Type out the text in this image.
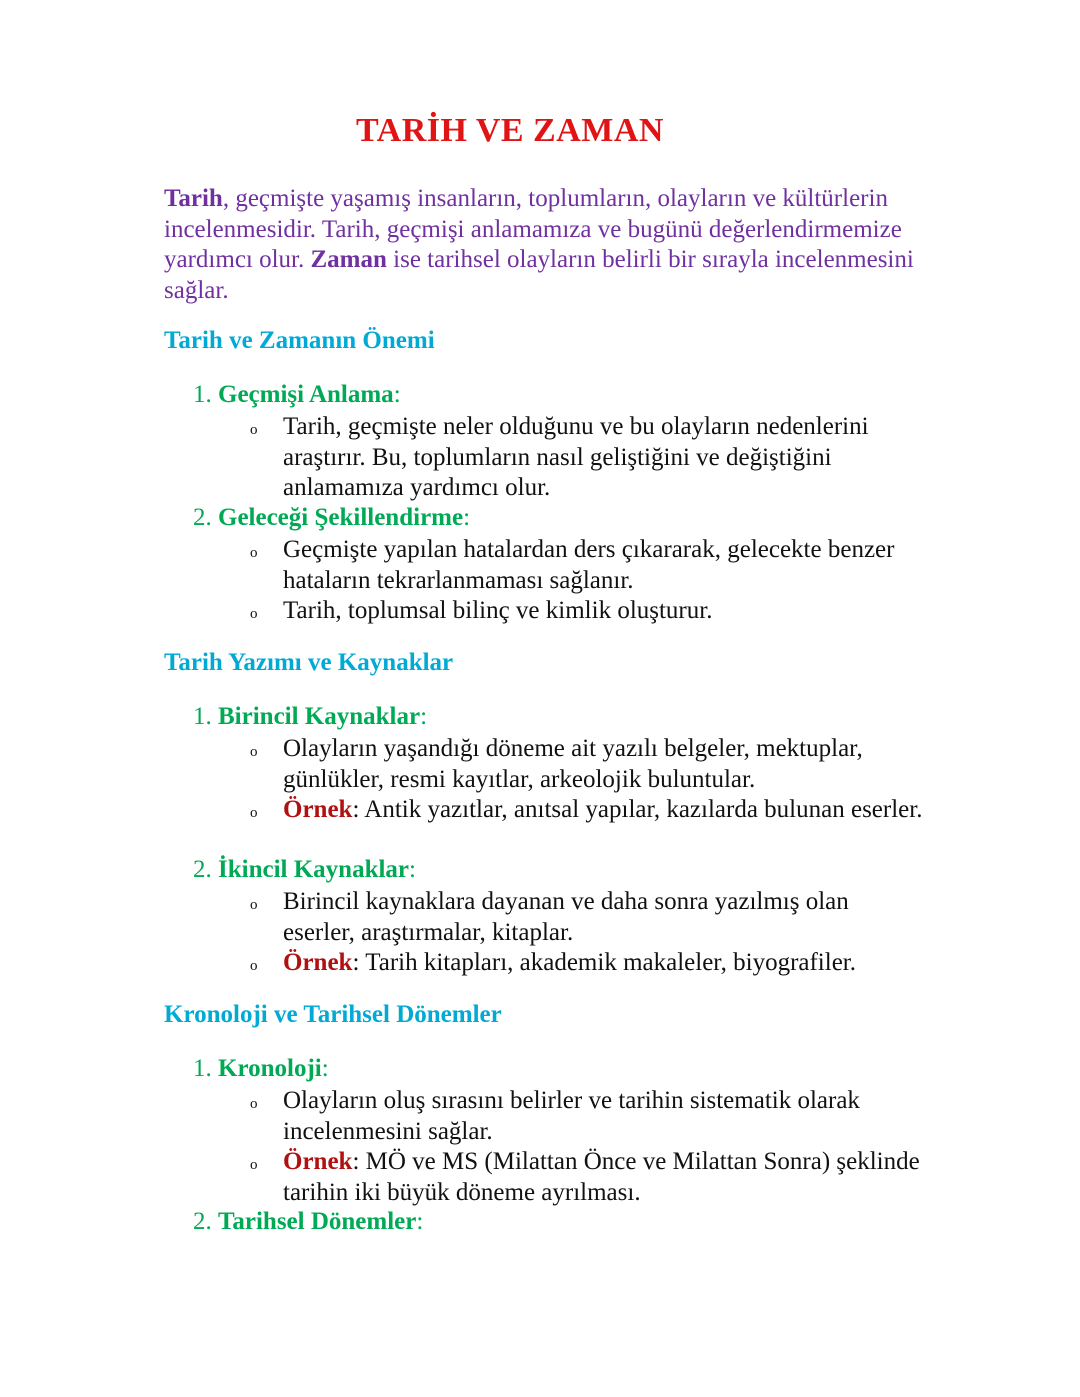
TARİH VE ZAMAN
Tarih, geçmişte yaşamış insanların, toplumların, olayların ve kültürlerin incelenmesidir. Tarih, geçmişi anlamamıza ve bugünü değerlendirmemize yardımcı olur. Zaman ise tarihsel olayların belirli bir sırayla incelenmesini sağlar.
Tarih ve Zamanın Önemi
1. Geçmişi Anlama:
o Tarih, geçmişte neler olduğunu ve bu olayların nedenlerini araştırır. Bu, toplumların nasıl geliştiğini ve değiştiğini anlamamıza yardımcı olur.
2. Geleceği Şekillendirme:
o Geçmişte yapılan hatalardan ders çıkararak, gelecekte benzer hataların tekrarlanmaması sağlanır.
o Tarih, toplumsal bilinç ve kimlik oluşturur.
Tarih Yazımı ve Kaynaklar
1. Birincil Kaynaklar:
o Olayların yaşandığı döneme ait yazılı belgeler, mektuplar, günlükler, resmi kayıtlar, arkeolojik buluntular.
o Örnek: Antik yazıtlar, anıtsal yapılar, kazılarda bulunan eserler.
2. İkincil Kaynaklar:
o Birincil kaynaklara dayanan ve daha sonra yazılmış olan eserler, araştırmalar, kitaplar.
o Örnek: Tarih kitapları, akademik makaleler, biyografiler.
Kronoloji ve Tarihsel Dönemler
1. Kronoloji:
o Olayların oluş sırasını belirler ve tarihin sistematik olarak incelenmesini sağlar.
o Örnek: MÖ ve MS (Milattan Önce ve Milattan Sonra) şeklinde tarihin iki büyük döneme ayrılması.
2. Tarihsel Dönemler:
